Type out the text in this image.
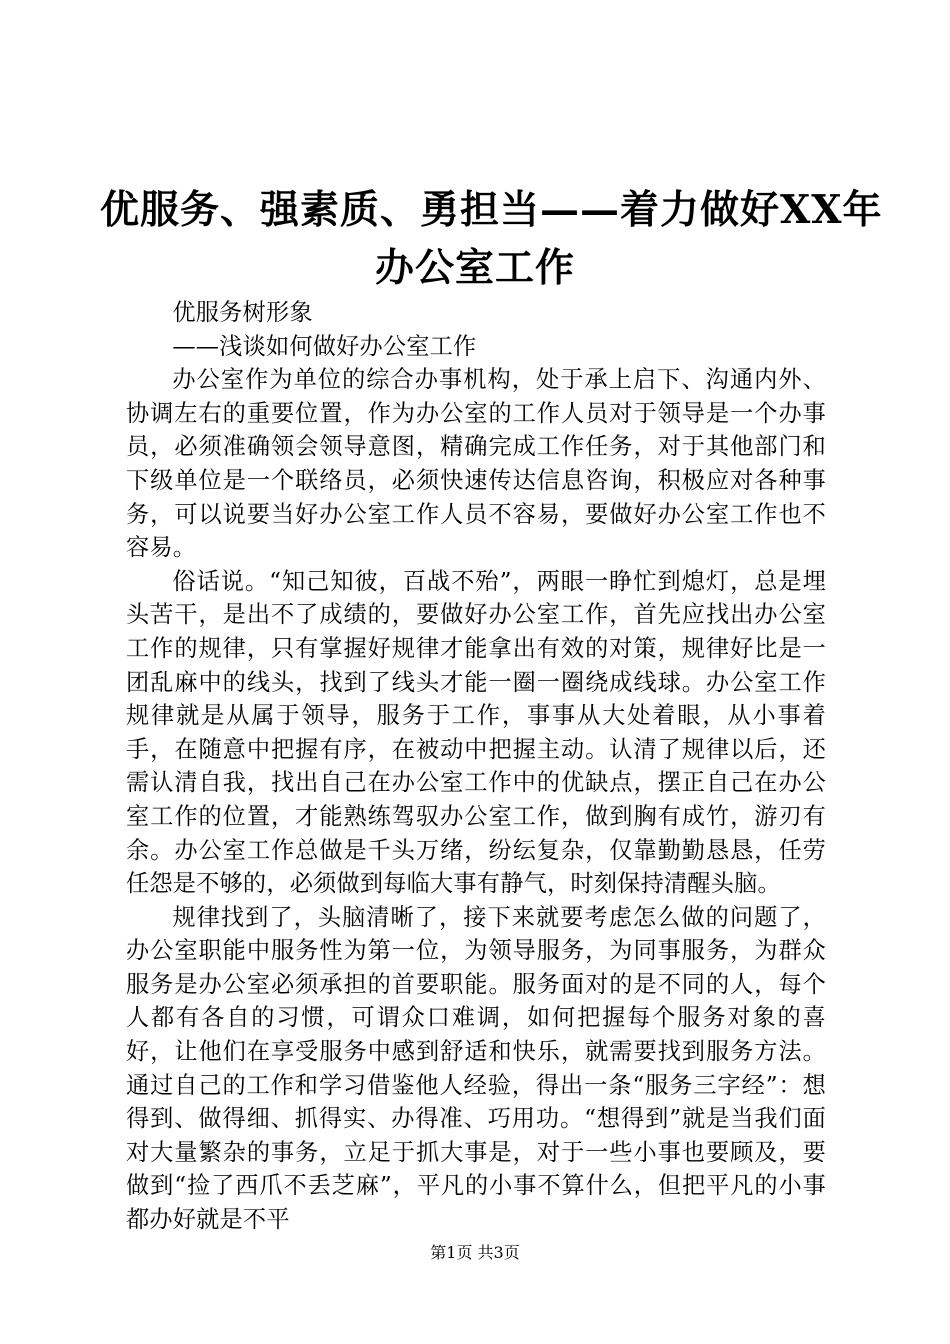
优服务、强素质、勇担当——着力做好XX年
办公室工作

优服务树形象

——浅谈如何做好办公室工作

办公室作为单位的综合办事机构，处于承上启下、沟通内外、协调左右的重要位置，作为办公室的工作人员对于领导是一个办事员，必须准确领会领导意图，精确完成工作任务，对于其他部门和下级单位是一个联络员，必须快速传达信息咨询，积极应对各种事务，可以说要当好办公室工作人员不容易，要做好办公室工作也不容易。

俗话说。“知己知彼，百战不殆”，两眼一睁忙到熄灯，总是埋头苦干，是出不了成绩的，要做好办公室工作，首先应找出办公室工作的规律，只有掌握好规律才能拿出有效的对策，规律好比是一团乱麻中的线头，找到了线头才能一圈一圈绕成线球。办公室工作规律就是从属于领导，服务于工作，事事从大处着眼，从小事着手，在随意中把握有序，在被动中把握主动。认清了规律以后，还需认清自我，找出自己在办公室工作中的优缺点，摆正自己在办公室工作的位置，才能熟练驾驭办公室工作，做到胸有成竹，游刃有余。办公室工作总做是千头万绪，纷纭复杂，仅靠勤勤恳恳，任劳任怨是不够的，必须做到每临大事有静气，时刻保持清醒头脑。

规律找到了，头脑清晰了，接下来就要考虑怎么做的问题了，办公室职能中服务性为第一位，为领导服务，为同事服务，为群众服务是办公室必须承担的首要职能。服务面对的是不同的人，每个人都有各自的习惯，可谓众口难调，如何把握每个服务对象的喜好，让他们在享受服务中感到舒适和快乐，就需要找到服务方法。通过自己的工作和学习借鉴他人经验，得出一条“服务三字经”：想得到、做得细、抓得实、办得准、巧用功。“想得到”就是当我们面对大量繁杂的事务，立足于抓大事是，对于一些小事也要顾及，要做到“捡了西爪不丢芝麻”，平凡的小事不算什么，但把平凡的小事都办好就是不平

第1页 共3页
